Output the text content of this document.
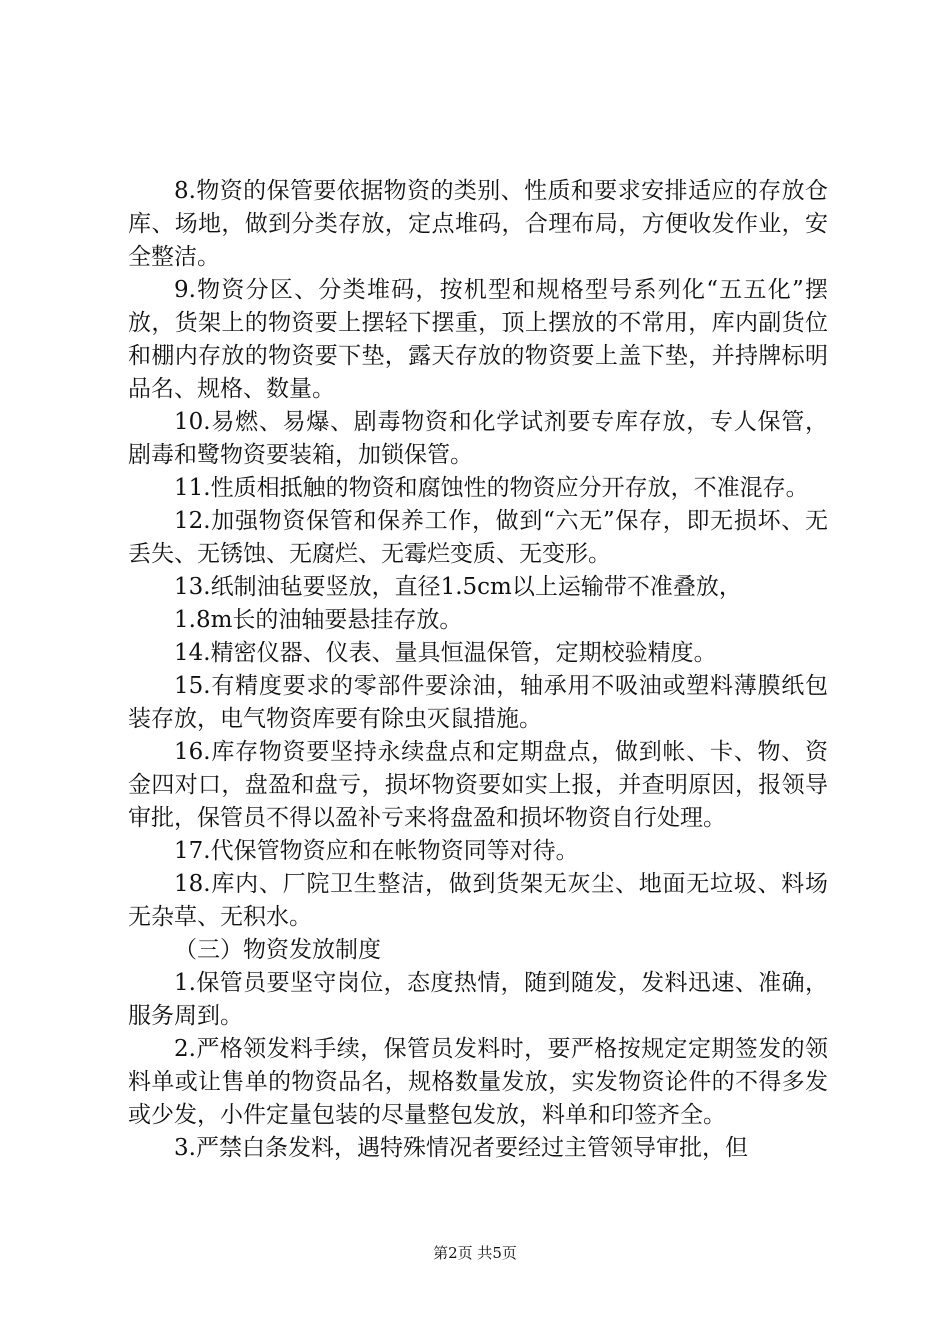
8.物资的保管要依据物资的类别、性质和要求安排适应的存放仓库、场地，做到分类存放，定点堆码，合理布局，方便收发作业，安全整洁。

9.物资分区、分类堆码，按机型和规格型号系列化“五五化”摆放，货架上的物资要上摆轻下摆重，顶上摆放的不常用，库内副货位和棚内存放的物资要下垫，露天存放的物资要上盖下垫，并持牌标明品名、规格、数量。

10.易燃、易爆、剧毒物资和化学试剂要专库存放，专人保管，剧毒和鹭物资要装箱，加锁保管。

11.性质相抵触的物资和腐蚀性的物资应分开存放，不准混存。

12.加强物资保管和保养工作，做到“六无”保存，即无损坏、无丢失、无锈蚀、无腐烂、无霉烂变质、无变形。

13.纸制油毡要竖放，直径1.5cm以上运输带不准叠放，

1.8m长的油轴要悬挂存放。

14.精密仪器、仪表、量具恒温保管，定期校验精度。

15.有精度要求的零部件要涂油，轴承用不吸油或塑料薄膜纸包装存放，电气物资库要有除虫灭鼠措施。

16.库存物资要坚持永续盘点和定期盘点，做到帐、卡、物、资金四对口，盘盈和盘亏，损坏物资要如实上报，并查明原因，报领导审批，保管员不得以盈补亏来将盘盈和损坏物资自行处理。

17.代保管物资应和在帐物资同等对待。

18.库内、厂院卫生整洁，做到货架无灰尘、地面无垃圾、料场无杂草、无积水。

（三）物资发放制度

1.保管员要坚守岗位，态度热情，随到随发，发料迅速、准确，服务周到。

2.严格领发料手续，保管员发料时，要严格按规定定期签发的领料单或让售单的物资品名，规格数量发放，实发物资论件的不得多发或少发，小件定量包装的尽量整包发放，料单和印签齐全。

3.严禁白条发料，遇特殊情况者要经过主管领导审批，但

第2页 共5页
